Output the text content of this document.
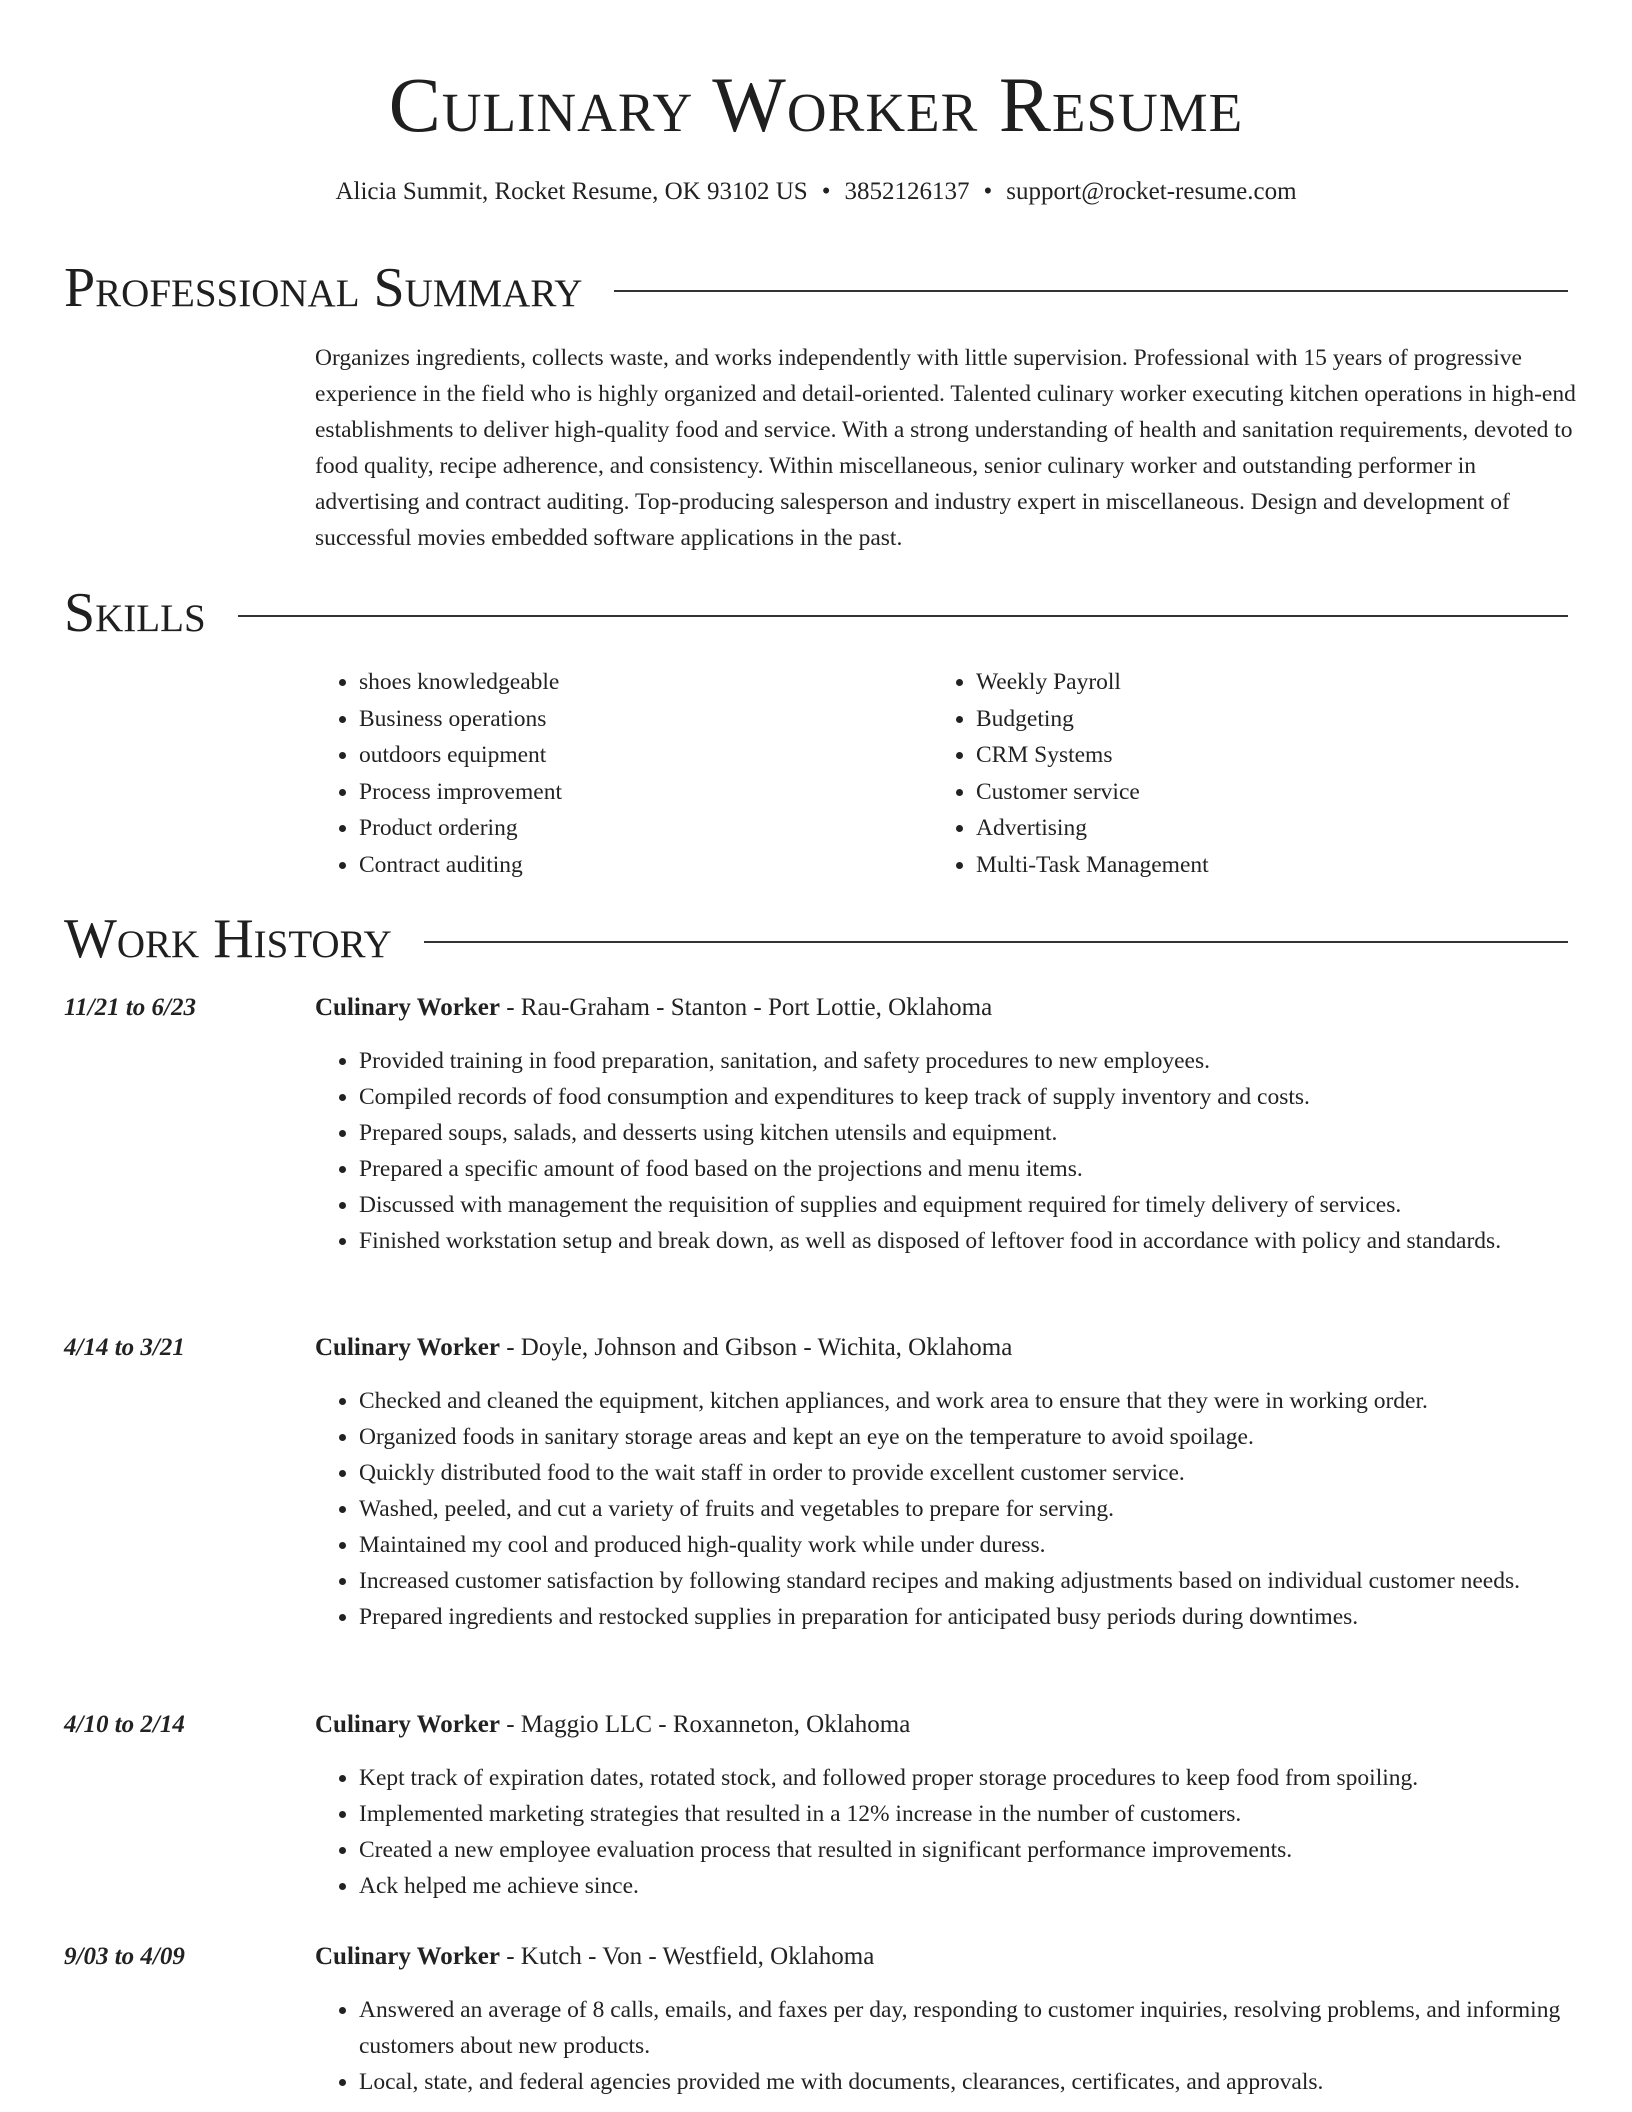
Culinary Worker Resume
Alicia Summit, Rocket Resume, OK 93102 US • 3852126137 • support@rocket-resume.com
Professional Summary

Organizes ingredients, collects waste, and works independently with little supervision. Professional with 15 years of progressive experience in the field who is highly organized and detail-oriented. Talented culinary worker executing kitchen operations in high-end establishments to deliver high-quality food and service. With a strong understanding of health and sanitation requirements, devoted to food quality, recipe adherence, and consistency. Within miscellaneous, senior culinary worker and outstanding performer in advertising and contract auditing. Top-producing salesperson and industry expert in miscellaneous. Design and development of successful movies embedded software applications in the past.

Skills
• shoes knowledgeable
• Business operations
• outdoors equipment
• Process improvement
• Product ordering
• Contract auditing
• Weekly Payroll
• Budgeting
• CRM Systems
• Customer service
• Advertising
• Multi-Task Management
Work History
11/21 to 6/23	Culinary Worker - Rau-Graham - Stanton - Port Lottie, Oklahoma
• Provided training in food preparation, sanitation, and safety procedures to new employees.
• Compiled records of food consumption and expenditures to keep track of supply inventory and costs.
• Prepared soups, salads, and desserts using kitchen utensils and equipment.
• Prepared a specific amount of food based on the projections and menu items.
• Discussed with management the requisition of supplies and equipment required for timely delivery of services.
• Finished workstation setup and break down, as well as disposed of leftover food in accordance with policy and standards.
4/14 to 3/21	Culinary Worker - Doyle, Johnson and Gibson - Wichita, Oklahoma
• Checked and cleaned the equipment, kitchen appliances, and work area to ensure that they were in working order.
• Organized foods in sanitary storage areas and kept an eye on the temperature to avoid spoilage.
• Quickly distributed food to the wait staff in order to provide excellent customer service.
• Washed, peeled, and cut a variety of fruits and vegetables to prepare for serving.
• Maintained my cool and produced high-quality work while under duress.
• Increased customer satisfaction by following standard recipes and making adjustments based on individual customer needs.
• Prepared ingredients and restocked supplies in preparation for anticipated busy periods during downtimes.
4/10 to 2/14	Culinary Worker - Maggio LLC - Roxanneton, Oklahoma
• Kept track of expiration dates, rotated stock, and followed proper storage procedures to keep food from spoiling.
• Implemented marketing strategies that resulted in a 12% increase in the number of customers.
• Created a new employee evaluation process that resulted in significant performance improvements.
• Ack helped me achieve since.
9/03 to 4/09	Culinary Worker - Kutch - Von - Westfield, Oklahoma
• Answered an average of 8 calls, emails, and faxes per day, responding to customer inquiries, resolving problems, and informing customers about new products.
• Local, state, and federal agencies provided me with documents, clearances, certificates, and approvals.
